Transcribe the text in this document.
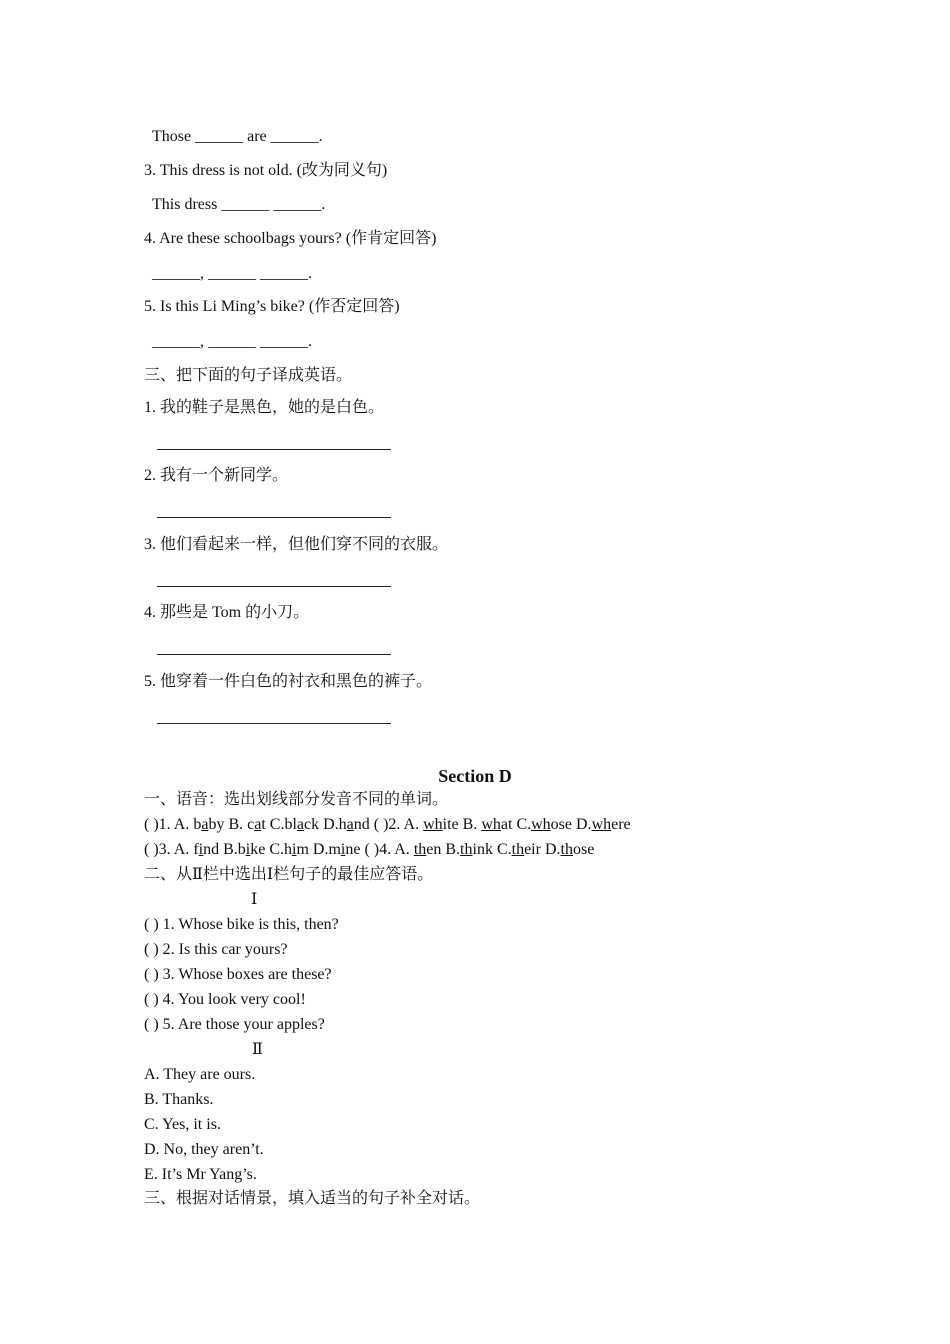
Those ______ are ______.
3. This dress is not old. (改为同义句)
This dress ______ ______.
4. Are these schoolbags yours? (作肯定回答)
______, ______ ______.
5. Is this Li Ming’s bike? (作否定回答)
______, ______ ______.
三、把下面的句子译成英语。
1. 我的鞋子是黑色，她的是白色。
2. 我有一个新同学。
3. 他们看起来一样，但他们穿不同的衣服。
4. 那些是 Tom 的小刀。
5. 他穿着一件白色的衬衣和黑色的裤子。
Section D
一、语音：选出划线部分发音不同的单词。
( )1. A. baby B. cat C.black D.hand ( )2. A. white B. what C.whose D.where
( )3. A. find B.bike C.him D.mine ( )4. A. then B.think C.their D.those
二、从Ⅱ栏中选出Ⅰ栏句子的最佳应答语。
Ⅰ
( ) 1. Whose bike is this, then?
( ) 2. Is this car yours?
( ) 3. Whose boxes are these?
( ) 4. You look very cool!
( ) 5. Are those your apples?
Ⅱ
A. They are ours.
B. Thanks.
C. Yes, it is.
D. No, they aren’t.
E. It’s Mr Yang’s.
三、根据对话情景，填入适当的句子补全对话。
